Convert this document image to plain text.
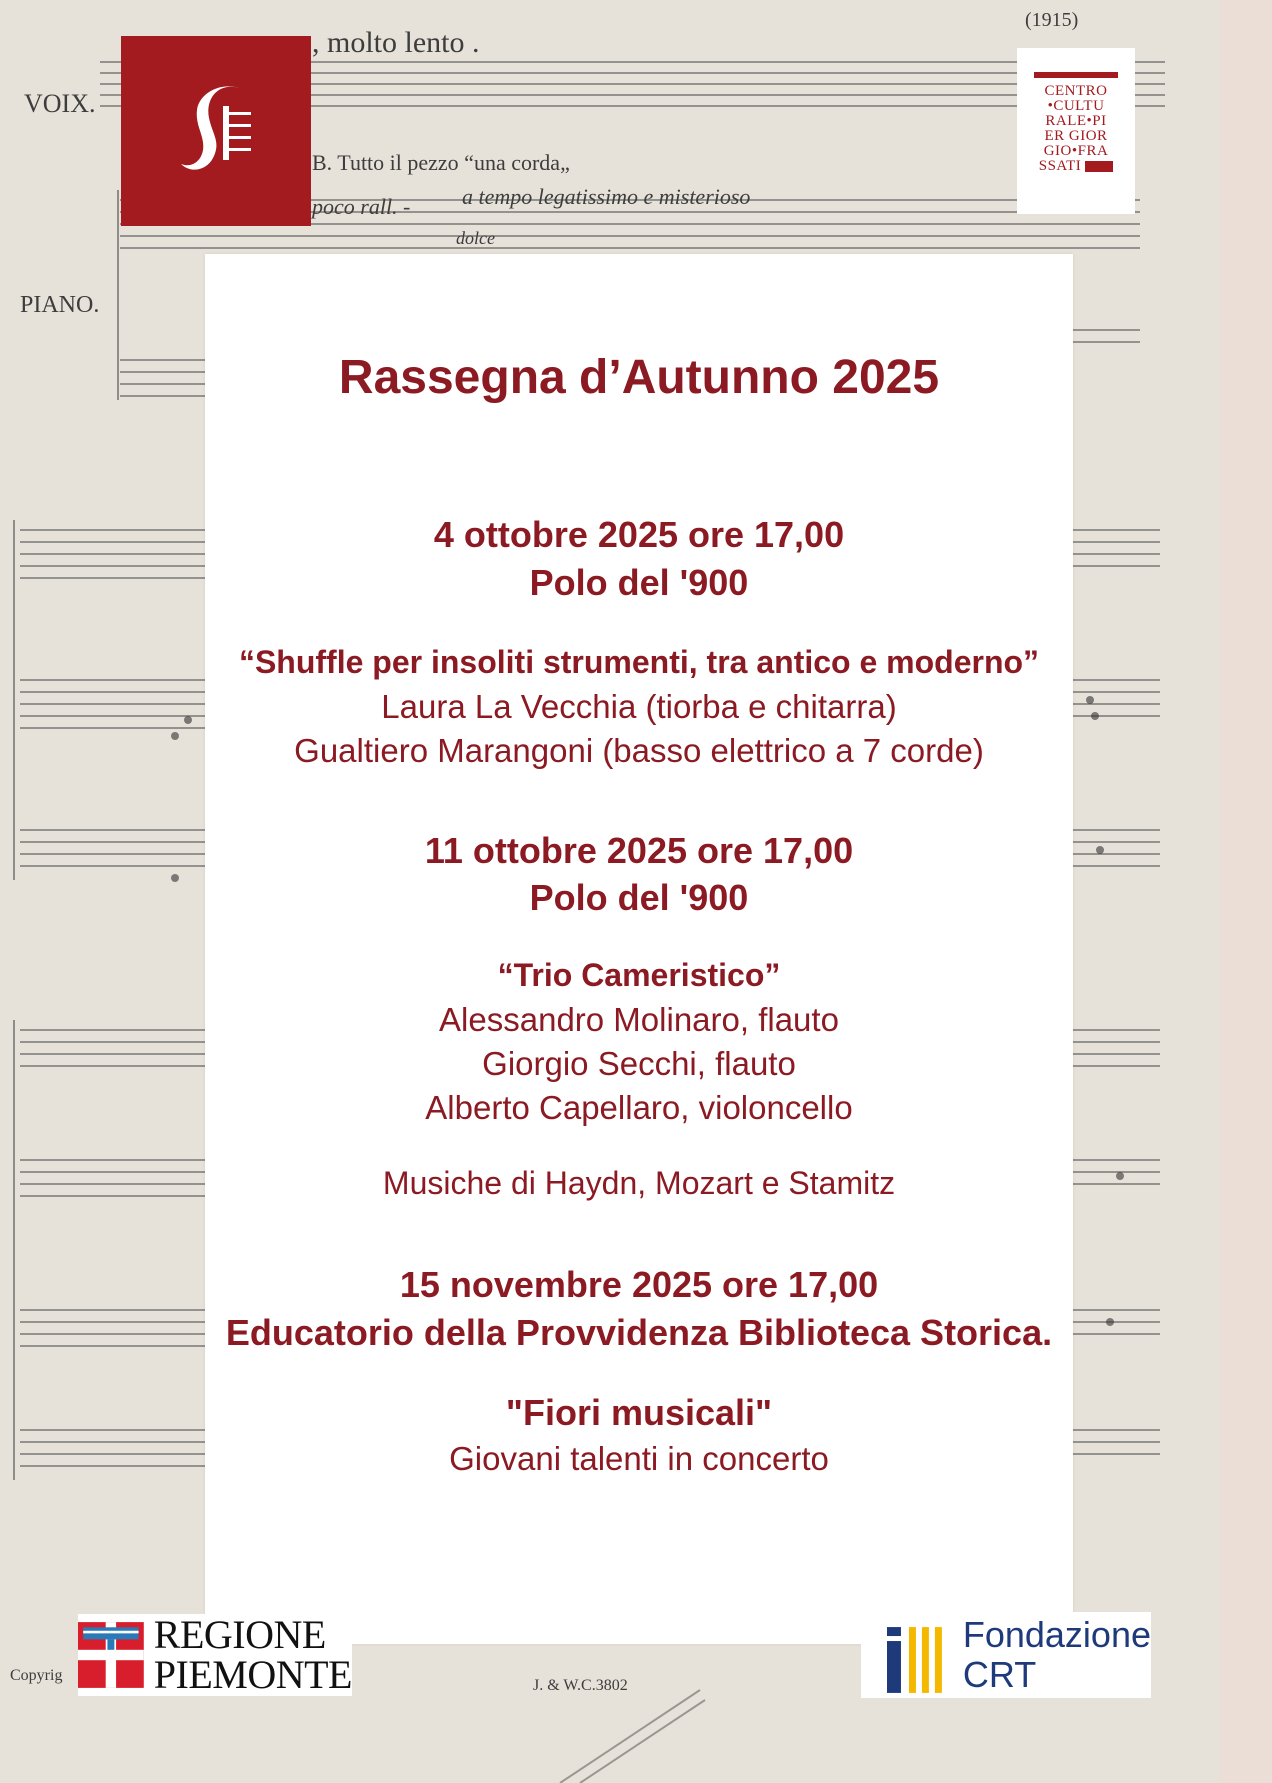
, molto lento .
(1915)
VOIX.
PIANO.
B. Tutto il pezzo “una corda„
poco rall. - a tempo legatissimo e misterioso
dolce
J. & W.C.3802
Copyrig
CENTRO
•CULTU
RALE•PI
ER GIOR
GIO•FRA
SSATI
Rassegna d’Autunno 2025
4 ottobre 2025 ore 17,00
Polo del '900
“Shuffle per insoliti strumenti, tra antico e moderno”
Laura La Vecchia (tiorba e chitarra)
Gualtiero Marangoni (basso elettrico a 7 corde)
11 ottobre 2025 ore 17,00
Polo del '900
“Trio Cameristico”
Alessandro Molinaro, flauto
Giorgio Secchi, flauto
Alberto Capellaro, violoncello
Musiche di Haydn, Mozart e Stamitz
15 novembre 2025 ore 17,00
Educatorio della Provvidenza Biblioteca Storica.
"Fiori musicali"
Giovani talenti in concerto
REGIONE
PIEMONTE
Fondazione
CRT
